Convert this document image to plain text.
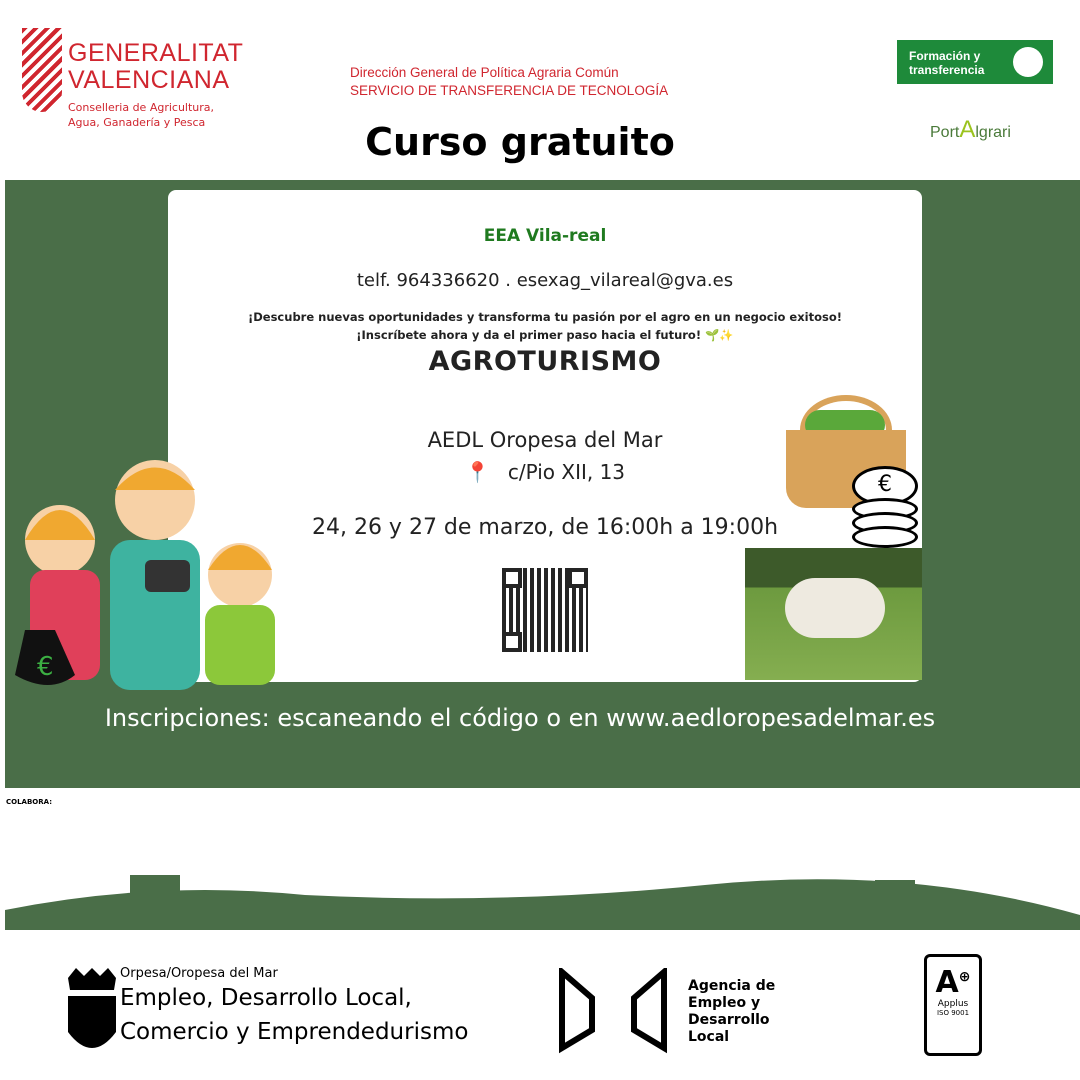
GENERALITAT
VALENCIANA
Conselleria de Agricultura,
Agua, Ganadería y Pesca
Dirección General de Política Agraria Común
SERVICIO DE TRANSFERENCIA DE TECNOLOGÍA
Curso gratuito
Formación y
transferencia
PortAlgrari
EEA Vila-real
telf. 964336620 . esexag_vilareal@gva.es
¡Descubre nuevas oportunidades y transforma tu pasión por el agro en un negocio exitoso!
¡Inscríbete ahora y da el primer paso hacia el futuro! 🌱✨
AGROTURISMO
AEDL Oropesa del Mar
📍 c/Pio XII, 13
24, 26 y 27 de marzo, de 16:00h a 19:00h
€
€
Inscripciones: escaneando el código o en www.aedloropesadelmar.es
COLABORA:
Orpesa/Oropesa del Mar
Empleo, Desarrollo Local,
Comercio y Emprendedurismo
Agencia de
Empleo y
Desarrollo
Local
A⊕
Applus
ISO 9001
